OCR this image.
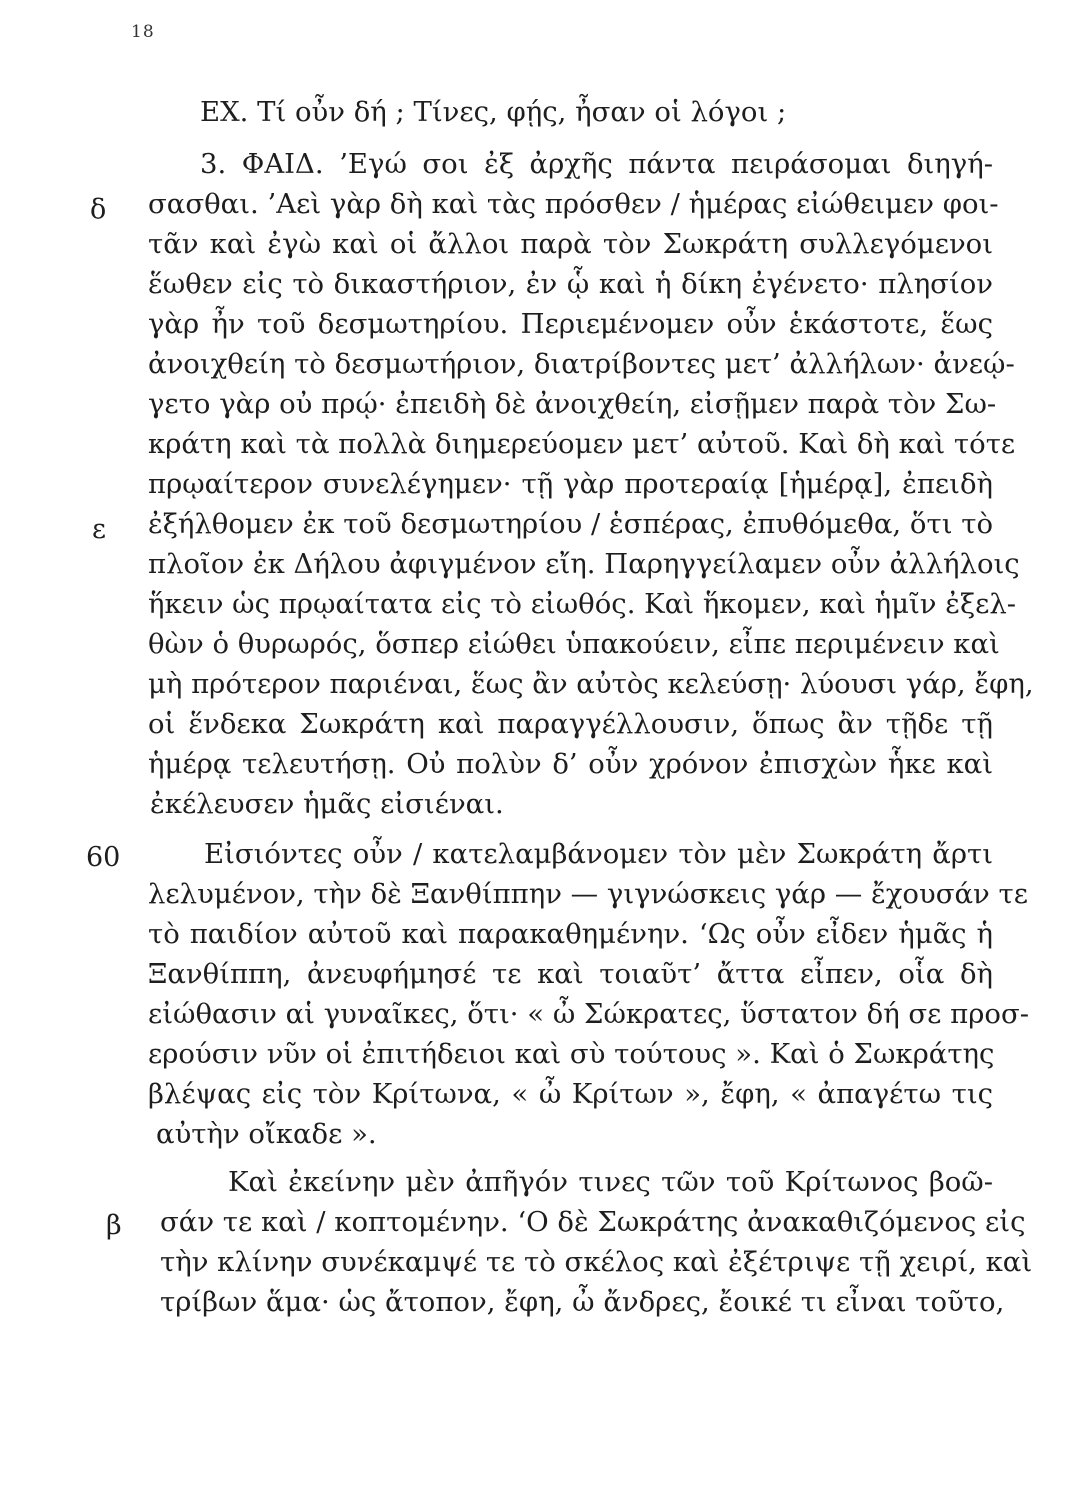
18
ΕΧ. Τί οὖν δή ; Τίνες, φῄς, ἦσαν οἱ λόγοι ;
3. ΦΑΙΔ. ’Εγώ σοι ἐξ ἀρχῆς πάντα πειράσομαι διηγή-
σασθαι. ’Αεὶ γὰρ δὴ καὶ τὰς πρόσθεν / ἡμέρας εἰώθειμεν φοι-
τᾶν καὶ ἐγὼ καὶ οἱ ἄλλοι παρὰ τὸν Σωκράτη συλλεγόμενοι
ἕωθεν εἰς τὸ δικαστήριον, ἐν ᾧ καὶ ἡ δίκη ἐγένετο· πλησίον
γὰρ ἦν τοῦ δεσμωτηρίου. Περιεμένομεν οὖν ἑκάστοτε, ἕως
ἀνοιχθείη τὸ δεσμωτήριον, διατρίβοντες μετ’ ἀλλήλων· ἀνεῴ-
γετο γὰρ οὐ πρῴ· ἐπειδὴ δὲ ἀνοιχθείη, εἰσῇμεν παρὰ τὸν Σω-
κράτη καὶ τὰ πολλὰ διημερεύομεν μετ’ αὐτοῦ. Καὶ δὴ καὶ τότε
πρῳαίτερον συνελέγημεν· τῇ γὰρ προτεραίᾳ [ἡμέρᾳ], ἐπειδὴ
ἐξήλθομεν ἐκ τοῦ δεσμωτηρίου / ἑσπέρας, ἐπυθόμεθα, ὅτι τὸ
πλοῖον ἐκ Δήλου ἀφιγμένον εἴη. Παρηγγείλαμεν οὖν ἀλλήλοις
ἥκειν ὡς πρῳαίτατα εἰς τὸ εἰωθός. Καὶ ἥκομεν, καὶ ἡμῖν ἐξελ-
θὼν ὁ θυρωρός, ὅσπερ εἰώθει ὑπακούειν, εἶπε περιμένειν καὶ
μὴ πρότερον παριέναι, ἕως ἂν αὐτὸς κελεύσῃ· λύουσι γάρ, ἔφη,
οἱ ἕνδεκα Σωκράτη καὶ παραγγέλλουσιν, ὅπως ἂν τῇδε τῇ
ἡμέρᾳ τελευτήσῃ. Οὐ πολὺν δ’ οὖν χρόνον ἐπισχὼν ἧκε καὶ
ἐκέλευσεν ἡμᾶς εἰσιέναι.
Εἰσιόντες οὖν / κατελαμβάνομεν τὸν μὲν Σωκράτη ἄρτι
λελυμένον, τὴν δὲ Ξανθίππην — γιγνώσκεις γάρ — ἔχουσάν τε
τὸ παιδίον αὐτοῦ καὶ παρακαθημένην. ‘Ως οὖν εἶδεν ἡμᾶς ἡ
Ξανθίππη, ἀνευφήμησέ τε καὶ τοιαῦτ’ ἄττα εἶπεν, οἷα δὴ
εἰώθασιν αἱ γυναῖκες, ὅτι· « ὦ Σώκρατες, ὕστατον δή σε προσ-
ερούσιν νῦν οἱ ἐπιτήδειοι καὶ σὺ τούτους ». Καὶ ὁ Σωκράτης
βλέψας εἰς τὸν Κρίτωνα, « ὦ Κρίτων », ἔφη, « ἀπαγέτω τις
αὐτὴν οἴκαδε ».
Καὶ ἐκείνην μὲν ἀπῆγόν τινες τῶν τοῦ Κρίτωνος βοῶ-
σάν τε καὶ / κοπτομένην. ‘Ο δὲ Σωκράτης ἀνακαθιζόμενος εἰς
τὴν κλίνην συνέκαμψέ τε τὸ σκέλος καὶ ἐξέτριψε τῇ χειρί, καὶ
τρίβων ἅμα· ὡς ἄτοπον, ἔφη, ὦ ἄνδρες, ἔοικέ τι εἶναι τοῦτο,
δ
ε
60
β
